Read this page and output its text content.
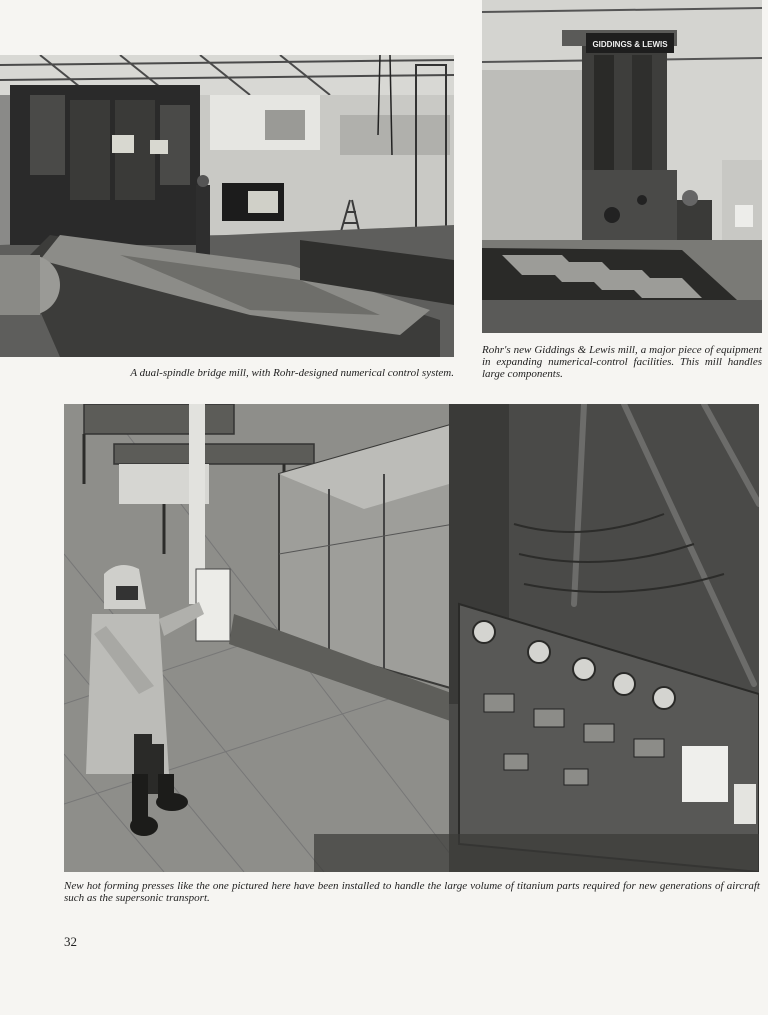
GIDDINGS & LEWIS
A dual-spindle bridge mill, with Rohr-designed numerical control system.
Rohr's new Giddings & Lewis mill, a major piece of equipment in expanding numerical-control facilities. This mill handles large components.
New hot forming presses like the one pictured here have been installed to handle the large volume of titanium parts required for new generations of aircraft such as the supersonic transport.
32
